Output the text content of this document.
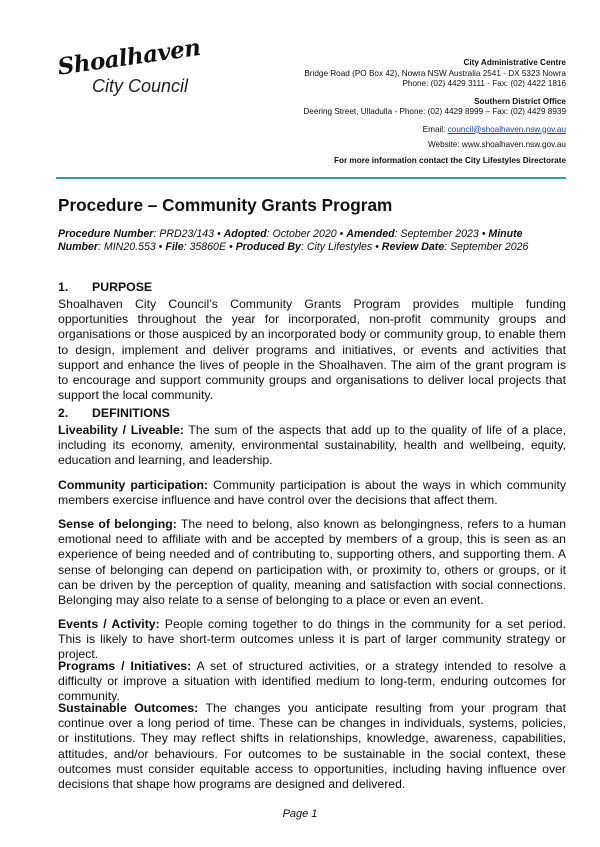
Shoalhaven
City Council
City Administrative Centre
Bridge Road (PO Box 42), Nowra NSW Australia 2541 - DX 5323 Nowra
Phone: (02) 4429 3111 - Fax: (02) 4422 1816
Southern District Office
Deering Street, Ulladulla - Phone: (02) 4429 8999 – Fax: (02) 4429 8939
Email: council@shoalhaven.nsw.gov.au
Website: www.shoalhaven.nsw.gov.au
For more information contact the City Lifestyles Directorate
Procedure – Community Grants Program
Procedure Number: PRD23/143 • Adopted: October 2020 • Amended: September 2023 • Minute Number: MIN20.553 • File: 35860E • Produced By: City Lifestyles • Review Date: September 2026
1. PURPOSE
Shoalhaven City Council’s Community Grants Program provides multiple funding opportunities throughout the year for incorporated, non-profit community groups and organisations or those auspiced by an incorporated body or community group, to enable them to design, implement and deliver programs and initiatives, or events and activities that support and enhance the lives of people in the Shoalhaven. The aim of the grant program is to encourage and support community groups and organisations to deliver local projects that support the local community.
2. DEFINITIONS
Liveability / Liveable: The sum of the aspects that add up to the quality of life of a place, including its economy, amenity, environmental sustainability, health and wellbeing, equity, education and learning, and leadership.
Community participation: Community participation is about the ways in which community members exercise influence and have control over the decisions that affect them.
Sense of belonging: The need to belong, also known as belongingness, refers to a human emotional need to affiliate with and be accepted by members of a group, this is seen as an experience of being needed and of contributing to, supporting others, and supporting them. A sense of belonging can depend on participation with, or proximity to, others or groups, or it can be driven by the perception of quality, meaning and satisfaction with social connections. Belonging may also relate to a sense of belonging to a place or even an event.
Events / Activity: People coming together to do things in the community for a set period. This is likely to have short-term outcomes unless it is part of larger community strategy or project.
Programs / Initiatives: A set of structured activities, or a strategy intended to resolve a difficulty or improve a situation with identified medium to long-term, enduring outcomes for community.
Sustainable Outcomes: The changes you anticipate resulting from your program that continue over a long period of time. These can be changes in individuals, systems, policies, or institutions. They may reflect shifts in relationships, knowledge, awareness, capabilities, attitudes, and/or behaviours. For outcomes to be sustainable in the social context, these outcomes must consider equitable access to opportunities, including having influence over decisions that shape how programs are designed and delivered.
Page 1
